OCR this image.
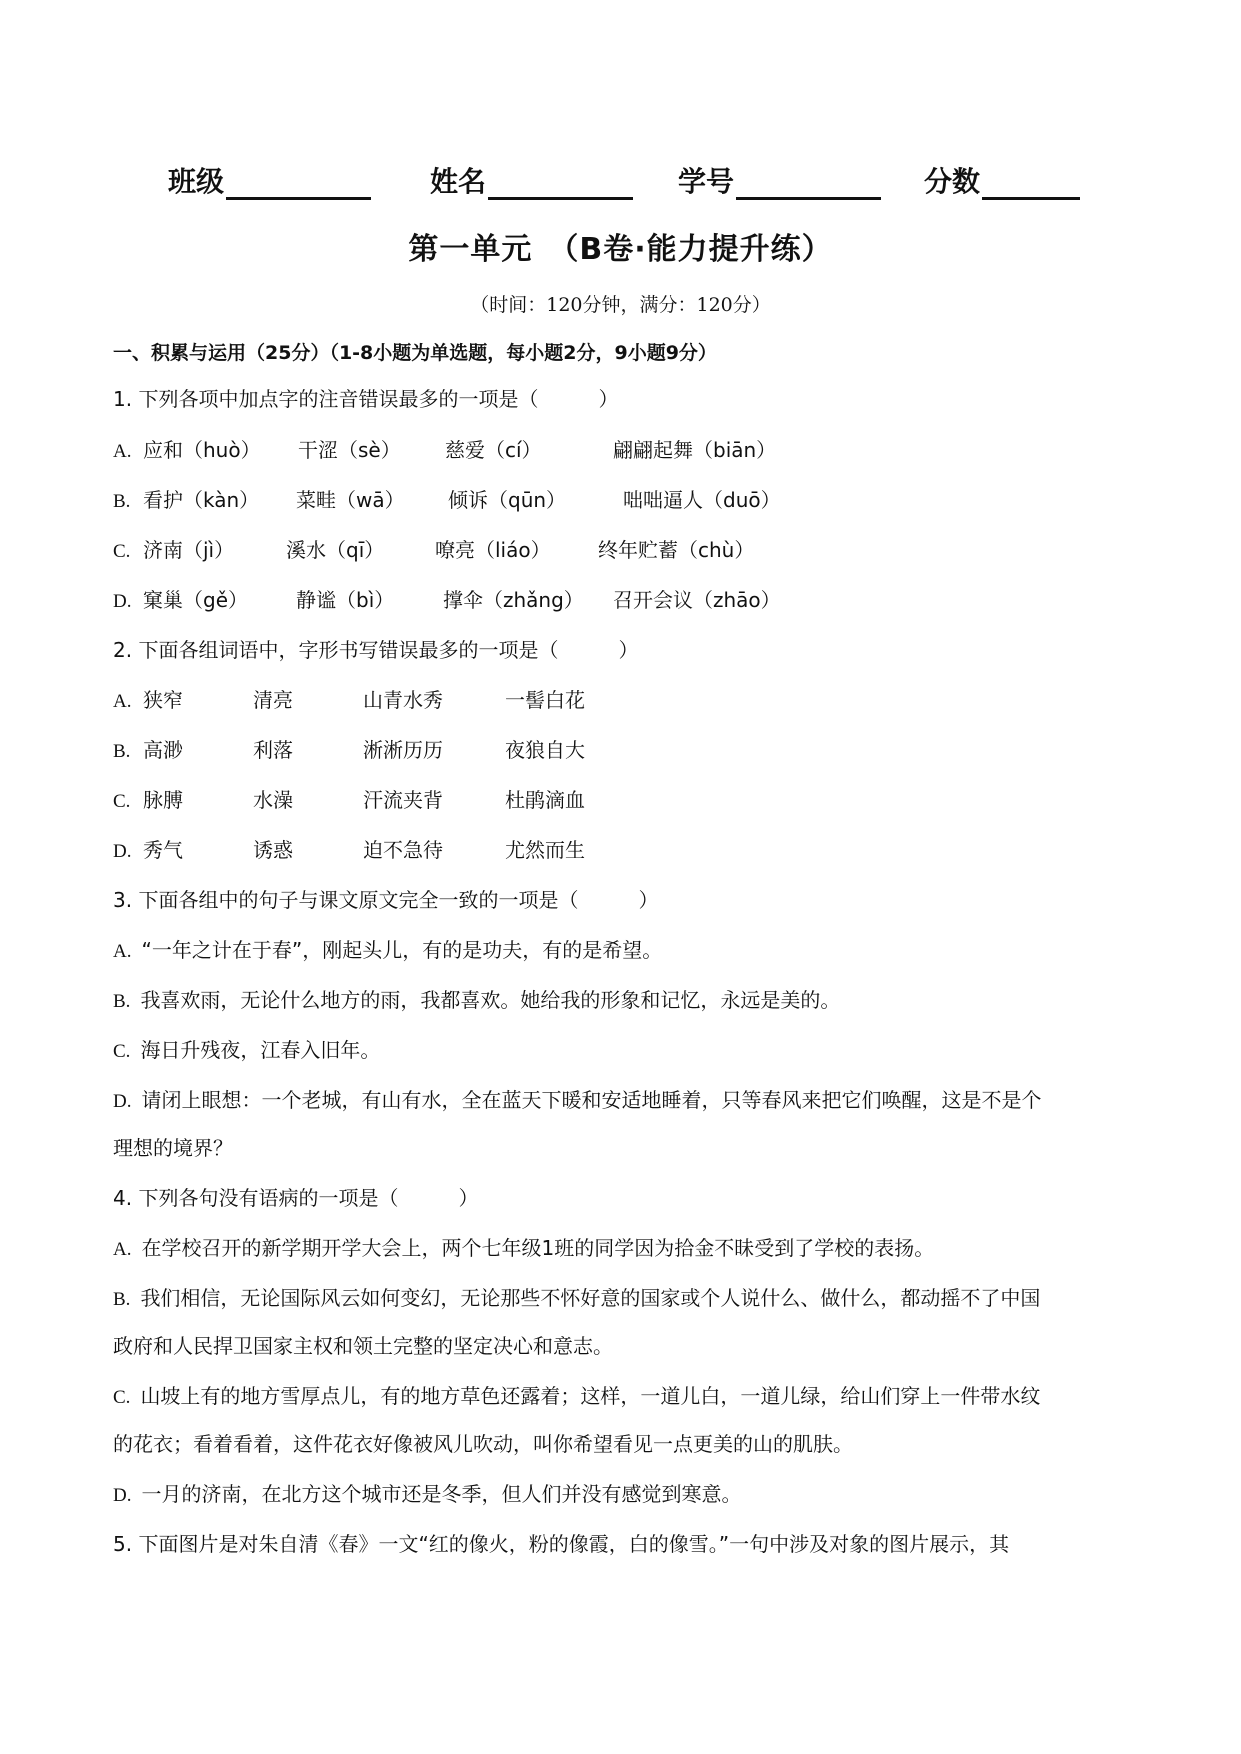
班级	姓名	学号	分数
第一单元　（B卷·能力提升练）
（时间：120分钟，满分：120分）
一、积累与运用（25分）（1-8小题为单选题，每小题2分，9小题9分）
1. 下列各项中加点字的注音错误最多的一项是（　　　）
A. 应和（huò） 干涩（sè） 慈爱（cí）	翩翩起舞（biān）
B. 看护（kàn） 菜畦（wā） 倾诉（qūn）	咄咄逼人（duō）
C. 济南（jì）	溪水（qī）	嘹亮（liáo） 终年贮蓄（chù）
D. 窠巢（gě） 静谧（bì） 撑伞（zhǎng） 召开会议（zhāo）
2. 下面各组词语中，字形书写错误最多的一项是（　　　）
A. 狭窄	清亮	山青水秀	一髻白花
B. 高渺	利落	淅淅历历	夜狼自大
C. 脉膊	水澡	汗流夹背	杜鹃滴血
D. 秀气	诱惑	迫不急待	尤然而生
3. 下面各组中的句子与课文原文完全一致的一项是（　　　）
A. “一年之计在于春”，刚起头儿，有的是功夫，有的是希望。
B. 我喜欢雨，无论什么地方的雨，我都喜欢。她给我的形象和记忆，永远是美的。
C. 海日升残夜，江春入旧年。
D. 请闭上眼想：一个老城，有山有水，全在蓝天下暖和安适地睡着，只等春风来把它们唤醒，这是不是个
理想的境界？
4. 下列各句没有语病的一项是（　　　）
A. 在学校召开的新学期开学大会上，两个七年级1班的同学因为拾金不昧受到了学校的表扬。
B. 我们相信，无论国际风云如何变幻，无论那些不怀好意的国家或个人说什么、做什么，都动摇不了中国
政府和人民捍卫国家主权和领土完整的坚定决心和意志。
C. 山坡上有的地方雪厚点儿，有的地方草色还露着；这样，一道儿白，一道儿绿，给山们穿上一件带水纹
的花衣；看着看着，这件花衣好像被风儿吹动，叫你希望看见一点更美的山的肌肤。
D. 一月的济南，在北方这个城市还是冬季，但人们并没有感觉到寒意。
5. 下面图片是对朱自清《春》一文“红的像火，粉的像霞，白的像雪。”一句中涉及对象的图片展示，其
